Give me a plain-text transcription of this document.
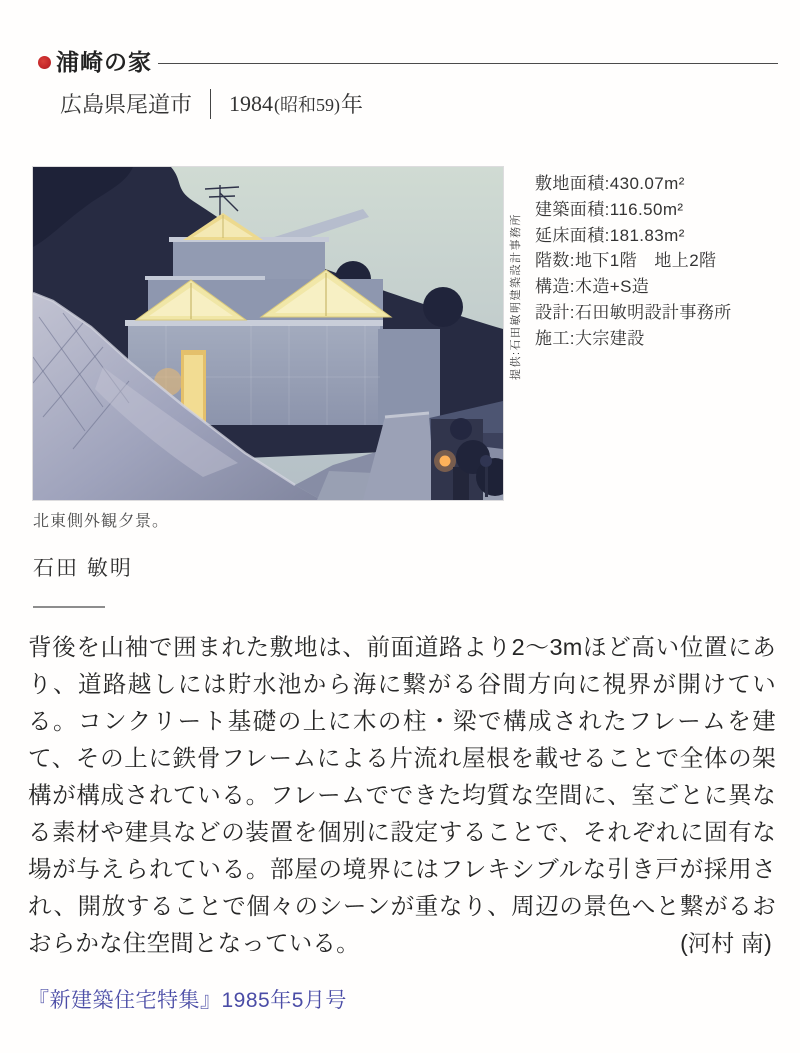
浦崎の家
広島県尾道市 1984 (昭和59) 年
提供:石田敏明建築設計事務所
北東側外観夕景。
敷地面積:430.07m²
建築面積:116.50m²
延床面積:181.83m²
階数:地下1階　地上2階
構造:木造+S造
設計:石田敏明設計事務所
施工:大宗建設
石田 敏明
背後を山袖で囲まれた敷地は、前面道路より2〜3mほど高い位置にあり、道路越しには貯水池から海に繋がる谷間方向に視界が開けている。コンクリート基礎の上に木の柱・梁で構成されたフレームを建て、その上に鉄骨フレームによる片流れ屋根を載せることで全体の架構が構成されている。フレームでできた均質な空間に、室ごとに異なる素材や建具などの装置を個別に設定することで、それぞれに固有な場が与えられている。部屋の境界にはフレキシブルな引き戸が採用され、開放することで個々のシーンが重なり、周辺の景色へと繋がるおおらかな住空間となっている。	(河村 南)
『新建築住宅特集』1985年5月号
